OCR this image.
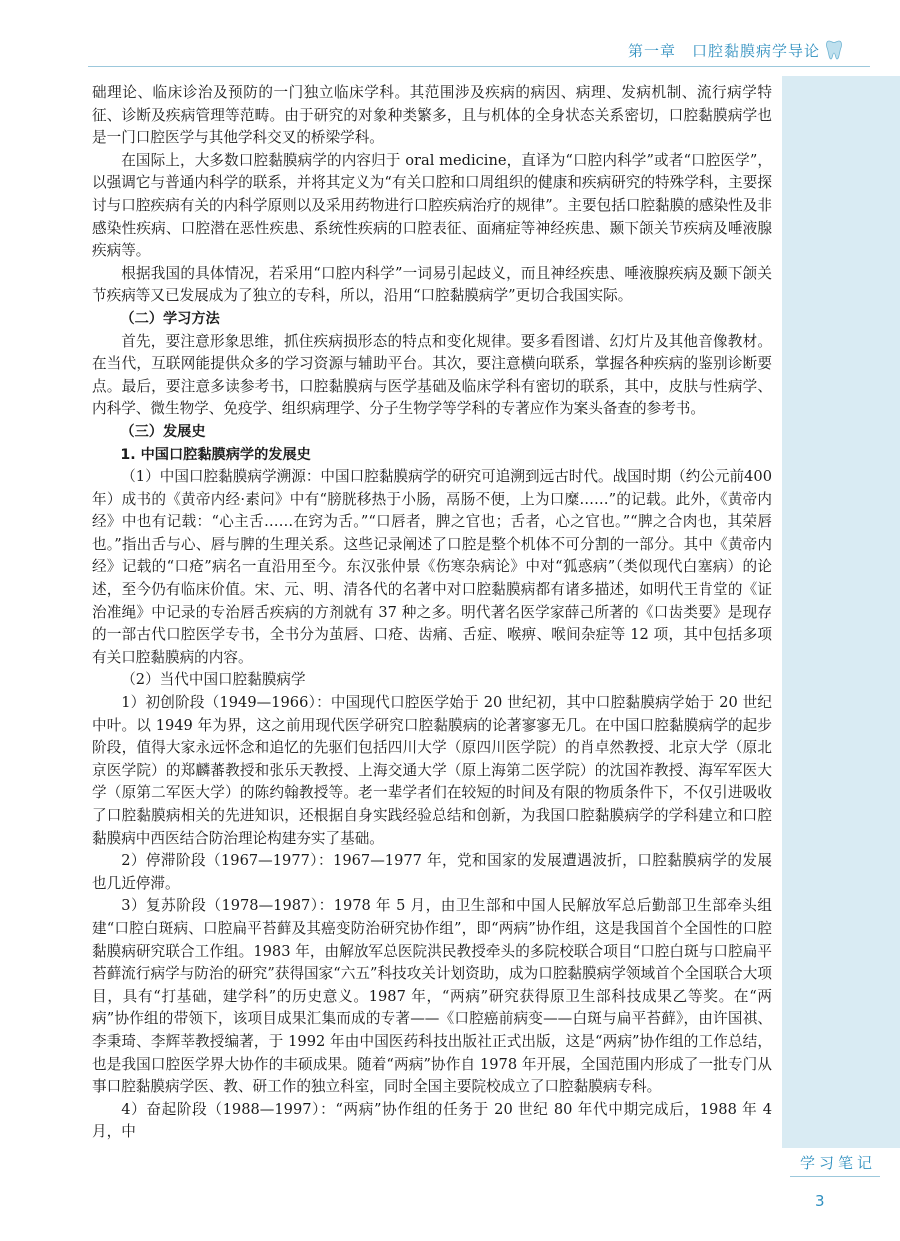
第一章　口腔黏膜病学导论
学习笔记
3

础理论、临床诊治及预防的一门独立临床学科。其范围涉及疾病的病因、病理、发病机制、流行病学特征、诊断及疾病管理等范畴。由于研究的对象种类繁多，且与机体的全身状态关系密切，口腔黏膜病学也是一门口腔医学与其他学科交叉的桥梁学科。

在国际上，大多数口腔黏膜病学的内容归于 oral medicine，直译为“口腔内科学”或者“口腔医学”，以强调它与普通内科学的联系，并将其定义为“有关口腔和口周组织的健康和疾病研究的特殊学科，主要探讨与口腔疾病有关的内科学原则以及采用药物进行口腔疾病治疗的规律”。主要包括口腔黏膜的感染性及非感染性疾病、口腔潜在恶性疾患、系统性疾病的口腔表征、面痛症等神经疾患、颞下颌关节疾病及唾液腺疾病等。

根据我国的具体情况，若采用“口腔内科学”一词易引起歧义，而且神经疾患、唾液腺疾病及颞下颌关节疾病等又已发展成为了独立的专科，所以，沿用“口腔黏膜病学”更切合我国实际。

（二）学习方法

首先，要注意形象思维，抓住疾病损形态的特点和变化规律。要多看图谱、幻灯片及其他音像教材。在当代，互联网能提供众多的学习资源与辅助平台。其次，要注意横向联系，掌握各种疾病的鉴别诊断要点。最后，要注意多读参考书，口腔黏膜病与医学基础及临床学科有密切的联系，其中，皮肤与性病学、内科学、微生物学、免疫学、组织病理学、分子生物学等学科的专著应作为案头备查的参考书。

（三）发展史

1. 中国口腔黏膜病学的发展史

（1）中国口腔黏膜病学溯源：中国口腔黏膜病学的研究可追溯到远古时代。战国时期（约公元前400 年）成书的《黄帝内经·素问》中有“膀胱移热于小肠，鬲肠不便，上为口糜……”的记载。此外，《黄帝内经》中也有记载：“心主舌……在窍为舌。”“口唇者，脾之官也；舌者，心之官也。”“脾之合肉也，其荣唇也。”指出舌与心、唇与脾的生理关系。这些记录阐述了口腔是整个机体不可分割的一部分。其中《黄帝内经》记载的“口疮”病名一直沿用至今。东汉张仲景《伤寒杂病论》中对“狐惑病”（类似现代白塞病）的论述，至今仍有临床价值。宋、元、明、清各代的名著中对口腔黏膜病都有诸多描述，如明代王肯堂的《证治准绳》中记录的专治唇舌疾病的方剂就有 37 种之多。明代著名医学家薛己所著的《口齿类要》是现存的一部古代口腔医学专书，全书分为茧唇、口疮、齿痛、舌症、喉痹、喉间杂症等 12 项，其中包括多项有关口腔黏膜病的内容。

（2）当代中国口腔黏膜病学

1）初创阶段（1949—1966）：中国现代口腔医学始于 20 世纪初，其中口腔黏膜病学始于 20 世纪中叶。以 1949 年为界，这之前用现代医学研究口腔黏膜病的论著寥寥无几。在中国口腔黏膜病学的起步阶段，值得大家永远怀念和追忆的先驱们包括四川大学（原四川医学院）的肖卓然教授、北京大学（原北京医学院）的郑麟蕃教授和张乐天教授、上海交通大学（原上海第二医学院）的沈国祚教授、海军军医大学（原第二军医大学）的陈约翰教授等。老一辈学者们在较短的时间及有限的物质条件下，不仅引进吸收了口腔黏膜病相关的先进知识，还根据自身实践经验总结和创新，为我国口腔黏膜病学的学科建立和口腔黏膜病中西医结合防治理论构建夯实了基础。

2）停滞阶段（1967—1977）：1967—1977 年，党和国家的发展遭遇波折，口腔黏膜病学的发展也几近停滞。

3）复苏阶段（1978—1987）：1978 年 5 月，由卫生部和中国人民解放军总后勤部卫生部牵头组建“口腔白斑病、口腔扁平苔藓及其癌变防治研究协作组”，即“两病”协作组，这是我国首个全国性的口腔黏膜病研究联合工作组。1983 年，由解放军总医院洪民教授牵头的多院校联合项目“口腔白斑与口腔扁平苔藓流行病学与防治的研究”获得国家“六五”科技攻关计划资助，成为口腔黏膜病学领域首个全国联合大项目，具有“打基础，建学科”的历史意义。1987 年，“两病”研究获得原卫生部科技成果乙等奖。在“两病”协作组的带领下，该项目成果汇集而成的专著——《口腔癌前病变——白斑与扁平苔藓》，由许国祺、李秉琦、李辉莘教授编著，于 1992 年由中国医药科技出版社正式出版，这是“两病”协作组的工作总结，也是我国口腔医学界大协作的丰硕成果。随着“两病”协作自 1978 年开展，全国范围内形成了一批专门从事口腔黏膜病学医、教、研工作的独立科室，同时全国主要院校成立了口腔黏膜病专科。

4）奋起阶段（1988—1997）：“两病”协作组的任务于 20 世纪 80 年代中期完成后，1988 年 4 月，中
